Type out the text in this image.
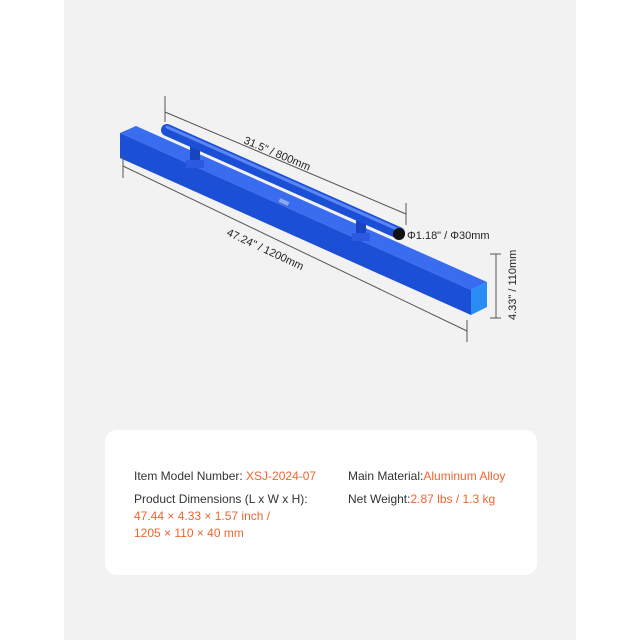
31.5" / 800mm
47.24" / 1200mm	Φ1.18" / Φ30mm
4.33" / 110mm
Item Model Number: XSJ-2024-07	Main Material:Aluminum Alloy
Product Dimensions (L x W x H):
47.44 × 4.33 × 1.57 inch /
1205 × 110 × 40 mm
Net Weight:2.87 lbs / 1.3 kg
